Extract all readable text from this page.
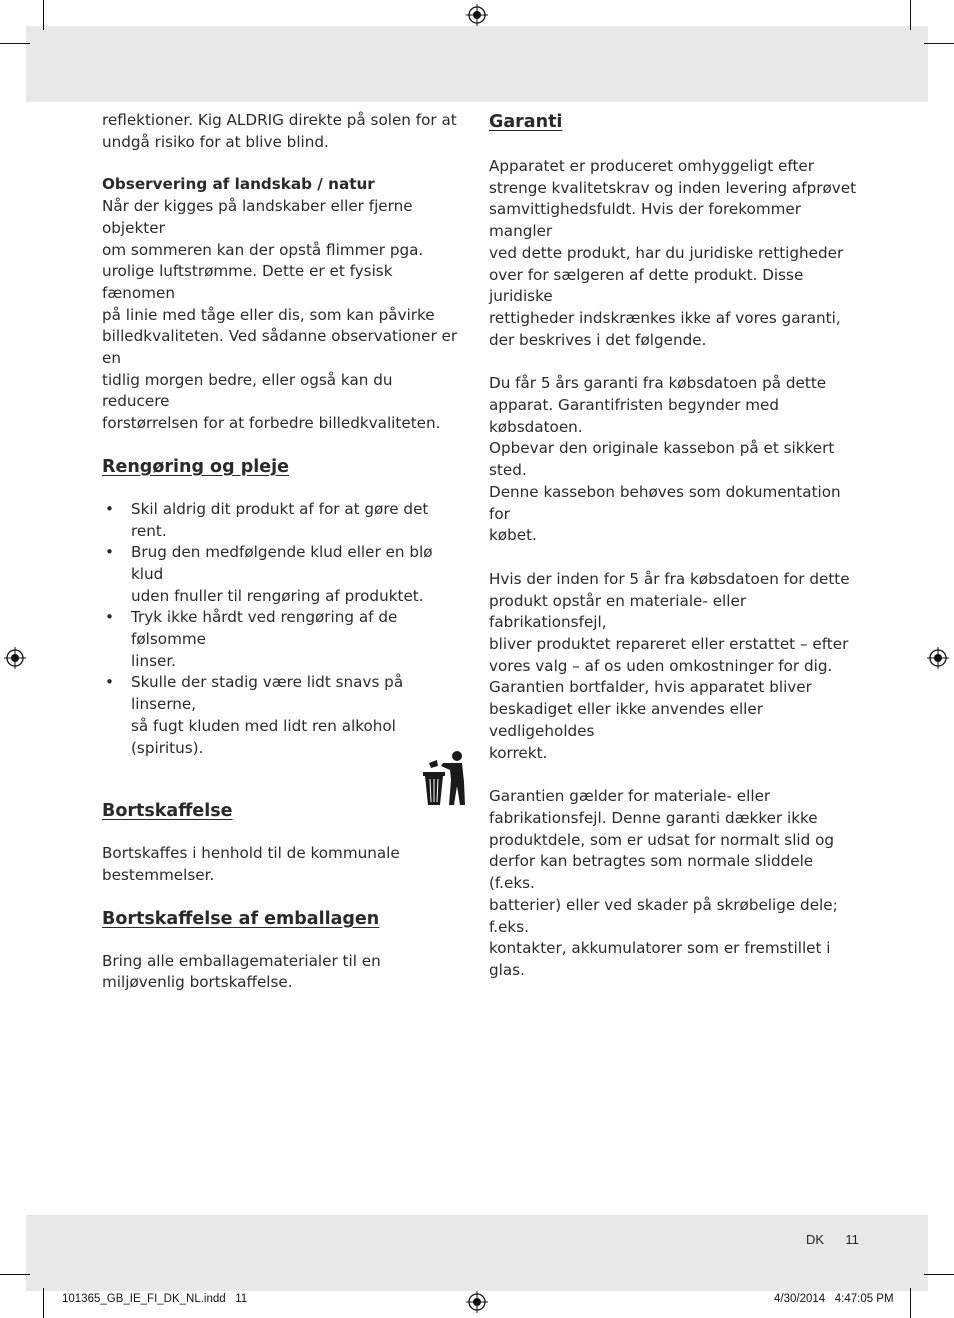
reflektioner. Kig ALDRIG direkte på solen for at

undgå risiko for at blive blind.

Observering af landskab / natur

Når der kigges på landskaber eller fjerne objekter

om sommeren kan der opstå flimmer pga.

urolige luftstrømme. Dette er et fysisk fænomen

på linie med tåge eller dis, som kan påvirke

billedkvaliteten. Ved sådanne observationer er en

tidlig morgen bedre, eller også kan du reducere

forstørrelsen for at forbedre billedkvaliteten.

Rengøring og pleje
• Skil aldrig dit produkt af for at gøre det rent.
• Brug den medfølgende klud eller en blø klud
uden fnuller til rengøring af produktet.
• Tryk ikke hårdt ved rengøring af de følsomme
linser.
• Skulle der stadig være lidt snavs på linserne,
så fugt kluden med lidt ren alkohol (spiritus).
Bortskaffelse

Bortskaffes i henhold til de kommunale

bestemmelser.

Bortskaffelse af emballagen

Bring alle emballagematerialer til en

miljøvenlig bortskaffelse.

Garanti

Apparatet er produceret omhyggeligt efter

strenge kvalitetskrav og inden levering afprøvet

samvittighedsfuldt. Hvis der forekommer mangler

ved dette produkt, har du juridiske rettigheder

over for sælgeren af dette produkt. Disse juridiske

rettigheder indskrænkes ikke af vores garanti,

der beskrives i det følgende.

Du får 5 års garanti fra købsdatoen på dette

apparat. Garantifristen begynder med købsdatoen.

Opbevar den originale kassebon på et sikkert sted.

Denne kassebon behøves som dokumentation for

købet.

Hvis der inden for 5 år fra købsdatoen for dette

produkt opstår en materiale- eller fabrikationsfejl,

bliver produktet repareret eller erstattet – efter

vores valg – af os uden omkostninger for dig.

Garantien bortfalder, hvis apparatet bliver

beskadiget eller ikke anvendes eller vedligeholdes

korrekt.

Garantien gælder for materiale- eller

fabrikationsfejl. Denne garanti dækker ikke

produktdele, som er udsat for normalt slid og

derfor kan betragtes som normale sliddele (f.eks.

batterier) eller ved skader på skrøbelige dele; f.eks.

kontakter, akkumulatorer som er fremstillet i glas.

DK 11
101365_GB_IE_FI_DK_NL.indd   11	4/30/2014   4:47:05 PM
